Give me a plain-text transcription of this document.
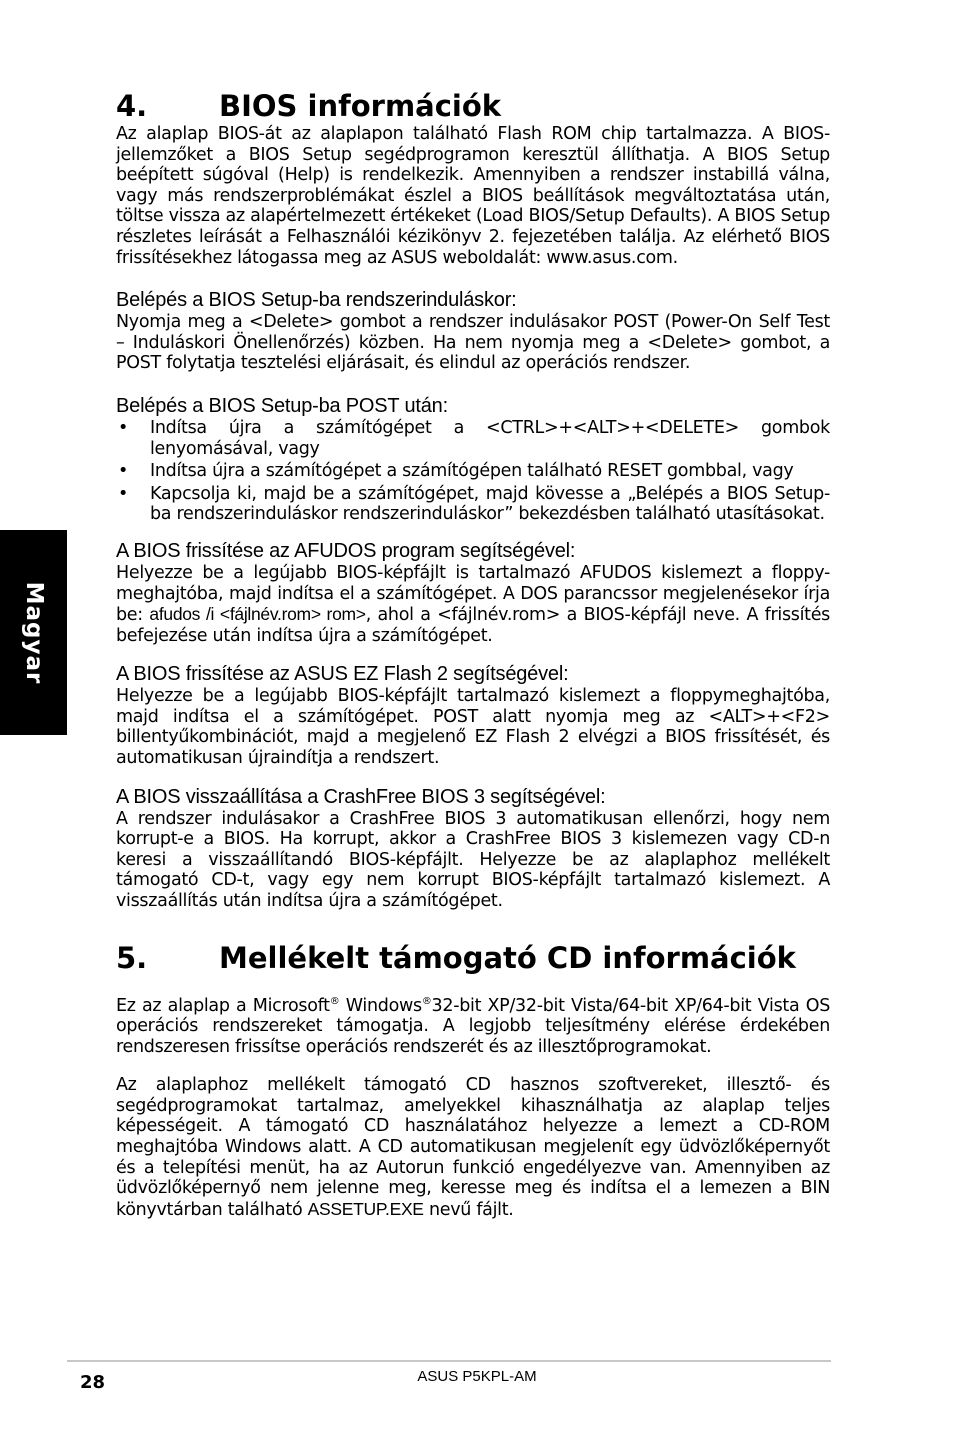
Magyar
4.	BIOS információk

Az alaplap BIOS-át az alaplapon található Flash ROM chip tartalmazza. A BIOS-jellemzőket a BIOS Setup segédprogramon keresztül állíthatja. A BIOS Setup beépített súgóval (Help) is rendelkezik. Amennyiben a rendszer instabillá válna, vagy más rendszerproblémákat észlel a BIOS beállítások megváltoztatása után, töltse vissza az alapértelmezett értékeket (Load BIOS/Setup Defaults). A BIOS Setup részletes leírását a Felhasználói kézikönyv 2. fejezetében találja. Az elérhető BIOS frissítésekhez látogassa meg az ASUS weboldalát: www.asus.com.

Belépés a BIOS Setup-ba rendszerinduláskor:

Nyomja meg a <Delete> gombot a rendszer indulásakor POST (Power-On Self Test – Induláskori Önellenőrzés) közben. Ha nem nyomja meg a <Delete> gombot, a POST folytatja tesztelési eljárásait, és elindul az operációs rendszer.

Belépés a BIOS Setup-ba POST után:
• Indítsa újra a számítógépet a <CTRL>+<ALT>+<DELETE> gombok lenyomásával, vagy
• Indítsa újra a számítógépet a számítógépen található RESET gombbal, vagy
• Kapcsolja ki, majd be a számítógépet, majd kövesse a „Belépés a BIOS Setup-ba rendszerinduláskor rendszerinduláskor” bekezdésben található utasításokat.
A BIOS frissítése az AFUDOS program segítségével:

Helyezze be a legújabb BIOS-képfájlt is tartalmazó AFUDOS kislemezt a floppy-meghajtóba, majd indítsa el a számítógépet. A DOS parancssor megjelenésekor írja be: afudos /i <fájlnév.rom> rom>, ahol a <fájlnév.rom> a BIOS-képfájl neve. A frissítés befejezése után indítsa újra a számítógépet.

A BIOS frissítése az ASUS EZ Flash 2 segítségével:

Helyezze be a legújabb BIOS-képfájlt tartalmazó kislemezt a floppymeghajtóba, majd indítsa el a számítógépet. POST alatt nyomja meg az <ALT>+<F2> billentyűkombinációt, majd a megjelenő EZ Flash 2 elvégzi a BIOS frissítését, és automatikusan újraindítja a rendszert.

A BIOS visszaállítása a CrashFree BIOS 3 segítségével:

A rendszer indulásakor a CrashFree BIOS 3 automatikusan ellenőrzi, hogy nem korrupt-e a BIOS. Ha korrupt, akkor a CrashFree BIOS 3 kislemezen vagy CD-n keresi a visszaállítandó BIOS-képfájlt. Helyezze be az alaplaphoz mellékelt támogató CD-t, vagy egy nem korrupt BIOS-képfájlt tartalmazó kislemezt. A visszaállítás után indítsa újra a számítógépet.

5.	Mellékelt támogató CD információk

Ez az alaplap a Microsoft® Windows®32-bit XP/32-bit Vista/64-bit XP/64-bit Vista OS operációs rendszereket támogatja. A legjobb teljesítmény elérése érdekében rendszeresen frissítse operációs rendszerét és az illesztőprogramokat.

Az alaplaphoz mellékelt támogató CD hasznos szoftvereket, illesztő- és segédprogramokat tartalmaz, amelyekkel kihasználhatja az alaplap teljes képességeit. A támogató CD használatához helyezze a lemezt a CD-ROM meghajtóba Windows alatt. A CD automatikusan megjelenít egy üdvözlőképernyőt és a telepítési menüt, ha az Autorun funkció engedélyezve van. Amennyiben az üdvözlőképernyő nem jelenne meg, keresse meg és indítsa el a lemezen a BIN könyvtárban található ASSETUP.EXE nevű fájlt.

28	ASUS P5KPL-AM
